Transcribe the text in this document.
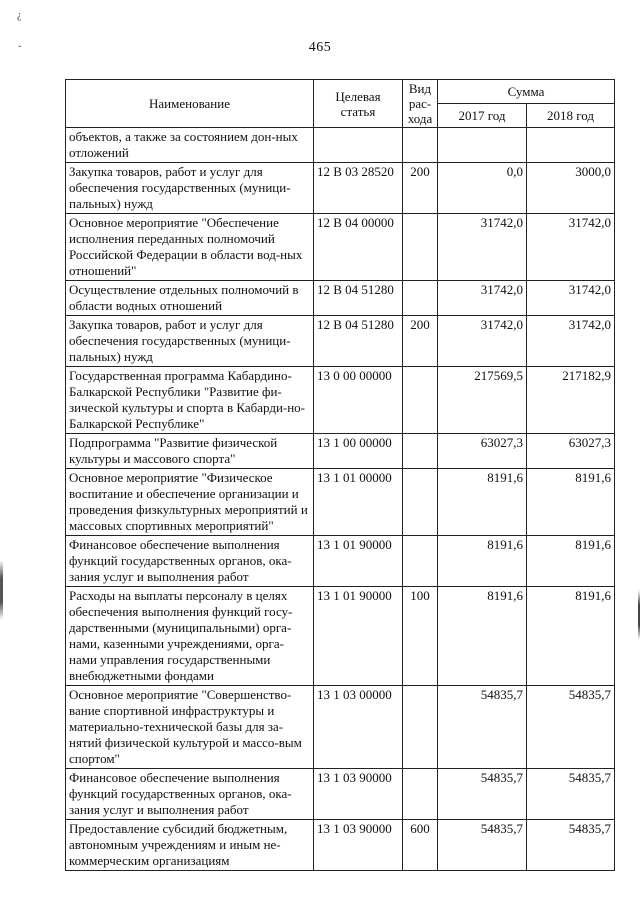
¿
ˇ	465
Наименование	Целевая статья	Вид рас-хода	Сумма	
			2017 год	2018 год
объектов, а также за состоянием дон-ных отложений				
Закупка товаров, работ и услуг для обеспечения государственных (муници-пальных) нужд	12 В 03 28520	200	0,0	3000,0
Основное мероприятие "Обеспечение исполнения переданных полномочий Российской Федерации в области вод-ных отношений"	12 В 04 00000		31742,0	31742,0
Осуществление отдельных полномочий в области водных отношений	12 В 04 51280		31742,0	31742,0
Закупка товаров, работ и услуг для обеспечения государственных (муници-пальных) нужд	12 В 04 51280	200	31742,0	31742,0
Государственная программа Кабардино-Балкарской Республики "Развитие фи-зической культуры и спорта в Кабарди-но-Балкарской Республике"	13 0 00 00000		217569,5	217182,9
Подпрограмма "Развитие физической культуры и массового спорта"	13 1 00 00000		63027,3	63027,3
Основное мероприятие "Физическое воспитание и обеспечение организации и проведения физкультурных мероприятий и массовых спортивных мероприятий"	13 1 01 00000		8191,6	8191,6
Финансовое обеспечение выполнения функций государственных органов, ока-зания услуг и выполнения работ	13 1 01 90000		8191,6	8191,6
Расходы на выплаты персоналу в целях обеспечения выполнения функций госу-дарственными (муниципальными) орга-нами, казенными учреждениями, орга-нами управления государственными внебюджетными фондами	13 1 01 90000	100	8191,6	8191,6
Основное мероприятие "Совершенство-вание спортивной инфраструктуры и материально-технической базы для за-нятий физической культурой и массо-вым спортом"	13 1 03 00000		54835,7	54835,7
Финансовое обеспечение выполнения функций государственных органов, ока-зания услуг и выполнения работ	13 1 03 90000		54835,7	54835,7
Предоставление субсидий бюджетным, автономным учреждениям и иным не-коммерческим организациям	13 1 03 90000	600	54835,7	54835,7
